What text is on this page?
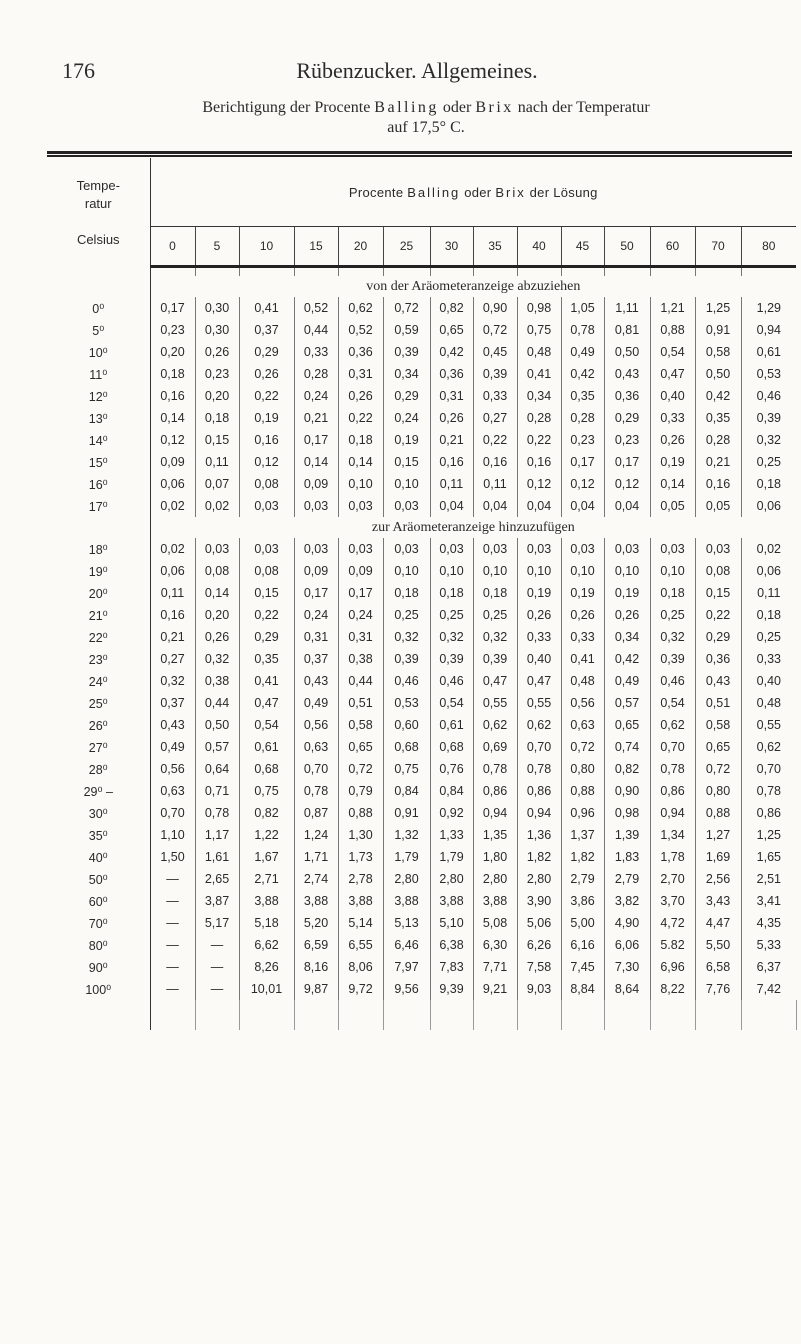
176	Rübenzucker. Allgemeines.
Berichtigung der Procente Balling oder Brix nach der Temperatur
auf 17,5° C.
Tempe-
ratur
Celsius	Procente Balling oder Brix der Lösung													
	0	5	10	15	20	25	30	35	40	45	50	60	70	80

	von der Aräometeranzeige abzuziehen													
0⁰	0,17	0,30	0,41	0,52	0,62	0,72	0,82	0,90	0,98	1,05	1,11	1,21	1,25	1,29
5⁰	0,23	0,30	0,37	0,44	0,52	0,59	0,65	0,72	0,75	0,78	0,81	0,88	0,91	0,94
10⁰	0,20	0,26	0,29	0,33	0,36	0,39	0,42	0,45	0,48	0,49	0,50	0,54	0,58	0,61
11⁰	0,18	0,23	0,26	0,28	0,31	0,34	0,36	0,39	0,41	0,42	0,43	0,47	0,50	0,53
12⁰	0,16	0,20	0,22	0,24	0,26	0,29	0,31	0,33	0,34	0,35	0,36	0,40	0,42	0,46
13⁰	0,14	0,18	0,19	0,21	0,22	0,24	0,26	0,27	0,28	0,28	0,29	0,33	0,35	0,39
14⁰	0,12	0,15	0,16	0,17	0,18	0,19	0,21	0,22	0,22	0,23	0,23	0,26	0,28	0,32
15⁰	0,09	0,11	0,12	0,14	0,14	0,15	0,16	0,16	0,16	0,17	0,17	0,19	0,21	0,25
16⁰	0,06	0,07	0,08	0,09	0,10	0,10	0,11	0,11	0,12	0,12	0,12	0,14	0,16	0,18
17⁰	0,02	0,02	0,03	0,03	0,03	0,03	0,04	0,04	0,04	0,04	0,04	0,05	0,05	0,06
	zur Aräometeranzeige hinzuzufügen													
18⁰	0,02	0,03	0,03	0,03	0,03	0,03	0,03	0,03	0,03	0,03	0,03	0,03	0,03	0,02
19⁰	0,06	0,08	0,08	0,09	0,09	0,10	0,10	0,10	0,10	0,10	0,10	0,10	0,08	0,06
20⁰	0,11	0,14	0,15	0,17	0,17	0,18	0,18	0,18	0,19	0,19	0,19	0,18	0,15	0,11
21⁰	0,16	0,20	0,22	0,24	0,24	0,25	0,25	0,25	0,26	0,26	0,26	0,25	0,22	0,18
22⁰	0,21	0,26	0,29	0,31	0,31	0,32	0,32	0,32	0,33	0,33	0,34	0,32	0,29	0,25
23⁰	0,27	0,32	0,35	0,37	0,38	0,39	0,39	0,39	0,40	0,41	0,42	0,39	0,36	0,33
24⁰	0,32	0,38	0,41	0,43	0,44	0,46	0,46	0,47	0,47	0,48	0,49	0,46	0,43	0,40
25⁰	0,37	0,44	0,47	0,49	0,51	0,53	0,54	0,55	0,55	0,56	0,57	0,54	0,51	0,48
26⁰	0,43	0,50	0,54	0,56	0,58	0,60	0,61	0,62	0,62	0,63	0,65	0,62	0,58	0,55
27⁰	0,49	0,57	0,61	0,63	0,65	0,68	0,68	0,69	0,70	0,72	0,74	0,70	0,65	0,62
28⁰	0,56	0,64	0,68	0,70	0,72	0,75	0,76	0,78	0,78	0,80	0,82	0,78	0,72	0,70
29⁰ –	0,63	0,71	0,75	0,78	0,79	0,84	0,84	0,86	0,86	0,88	0,90	0,86	0,80	0,78
30⁰	0,70	0,78	0,82	0,87	0,88	0,91	0,92	0,94	0,94	0,96	0,98	0,94	0,88	0,86
35⁰	1,10	1,17	1,22	1,24	1,30	1,32	1,33	1,35	1,36	1,37	1,39	1,34	1,27	1,25
40⁰	1,50	1,61	1,67	1,71	1,73	1,79	1,79	1,80	1,82	1,82	1,83	1,78	1,69	1,65
50⁰	—	2,65	2,71	2,74	2,78	2,80	2,80	2,80	2,80	2,79	2,79	2,70	2,56	2,51
60⁰	—	3,87	3,88	3,88	3,88	3,88	3,88	3,88	3,90	3,86	3,82	3,70	3,43	3,41
70⁰	—	5,17	5,18	5,20	5,14	5,13	5,10	5,08	5,06	5,00	4,90	4,72	4,47	4,35
80⁰	—	—	6,62	6,59	6,55	6,46	6,38	6,30	6,26	6,16	6,06	5.82	5,50	5,33
90⁰	—	—	8,26	8,16	8,06	7,97	7,83	7,71	7,58	7,45	7,30	6,96	6,58	6,37
100⁰	—	—	10,01	9,87	9,72	9,56	9,39	9,21	9,03	8,84	8,64	8,22	7,76	7,42
